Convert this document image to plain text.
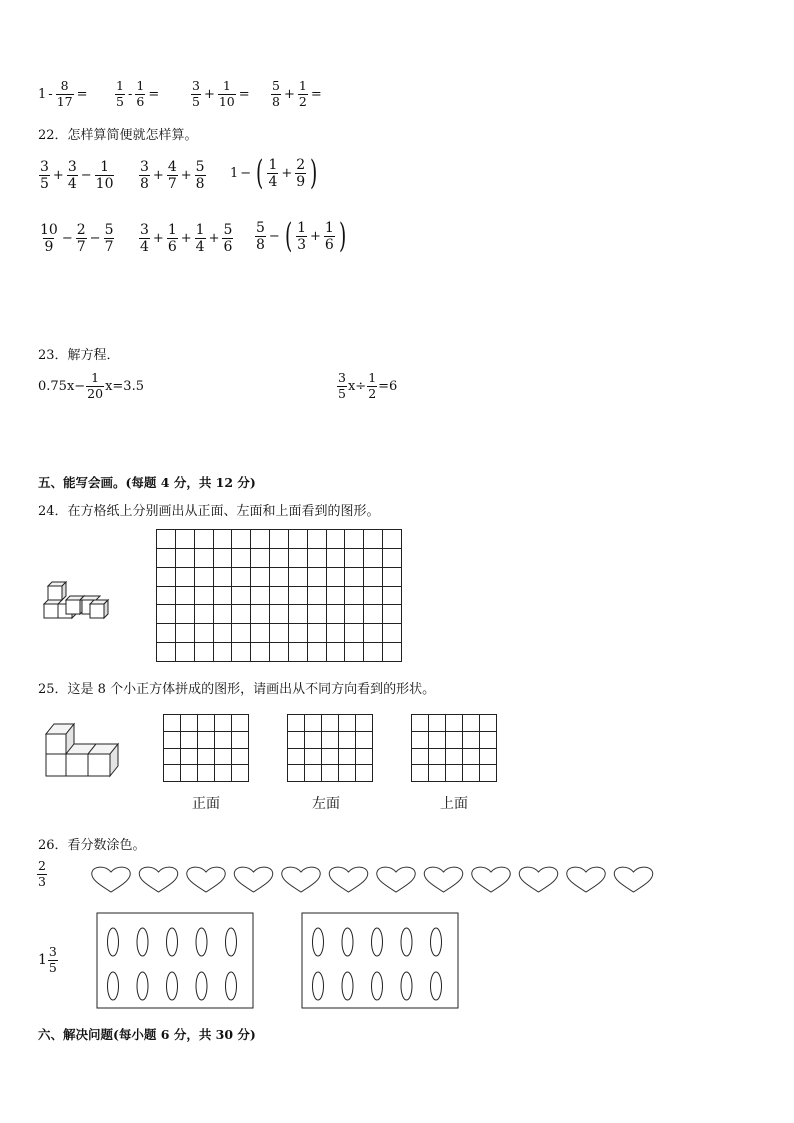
$1 - \frac{8}{17} = \frac{1}{5} - \frac{1}{6}$ =	$\frac{3}{5} + \frac{1}{10} = \frac{5}{8} + \frac{1}{2}$ =
22．怎样算简便就怎样算。
$\frac{3}{5} + \frac{3}{4} - \frac{1}{10} \frac{3}{8} + \frac{4}{7} + \frac{5}{8} 1$ − ( $\frac{1}{4} + \frac{2}{9}$ )
$\frac{10}{9} - \frac{2}{7} - \frac{5}{7} \frac{3}{4} + \frac{1}{6} + \frac{1}{4} + \frac{5}{6} \frac{5}{8}$ − ( $\frac{1}{3} + \frac{1}{6}$ )
23．解方程．
$0.75x- \frac{1}{20} x=3.5$	$\frac{3}{5} x\div \frac{1}{2} =6$
五、能写会画。(每题 4 分，共 12 分)
24．在方格纸上分别画出从正面、左面和上面看到的图形。

25．这是 8 个小正方体拼成的图形，请画出从不同方向看到的形状。

正面	左面	上面
26．看分数涂色。
$\frac{2}{3}$
$1 \frac{3}{5}$
六、解决问题(每小题 6 分，共 30 分)
